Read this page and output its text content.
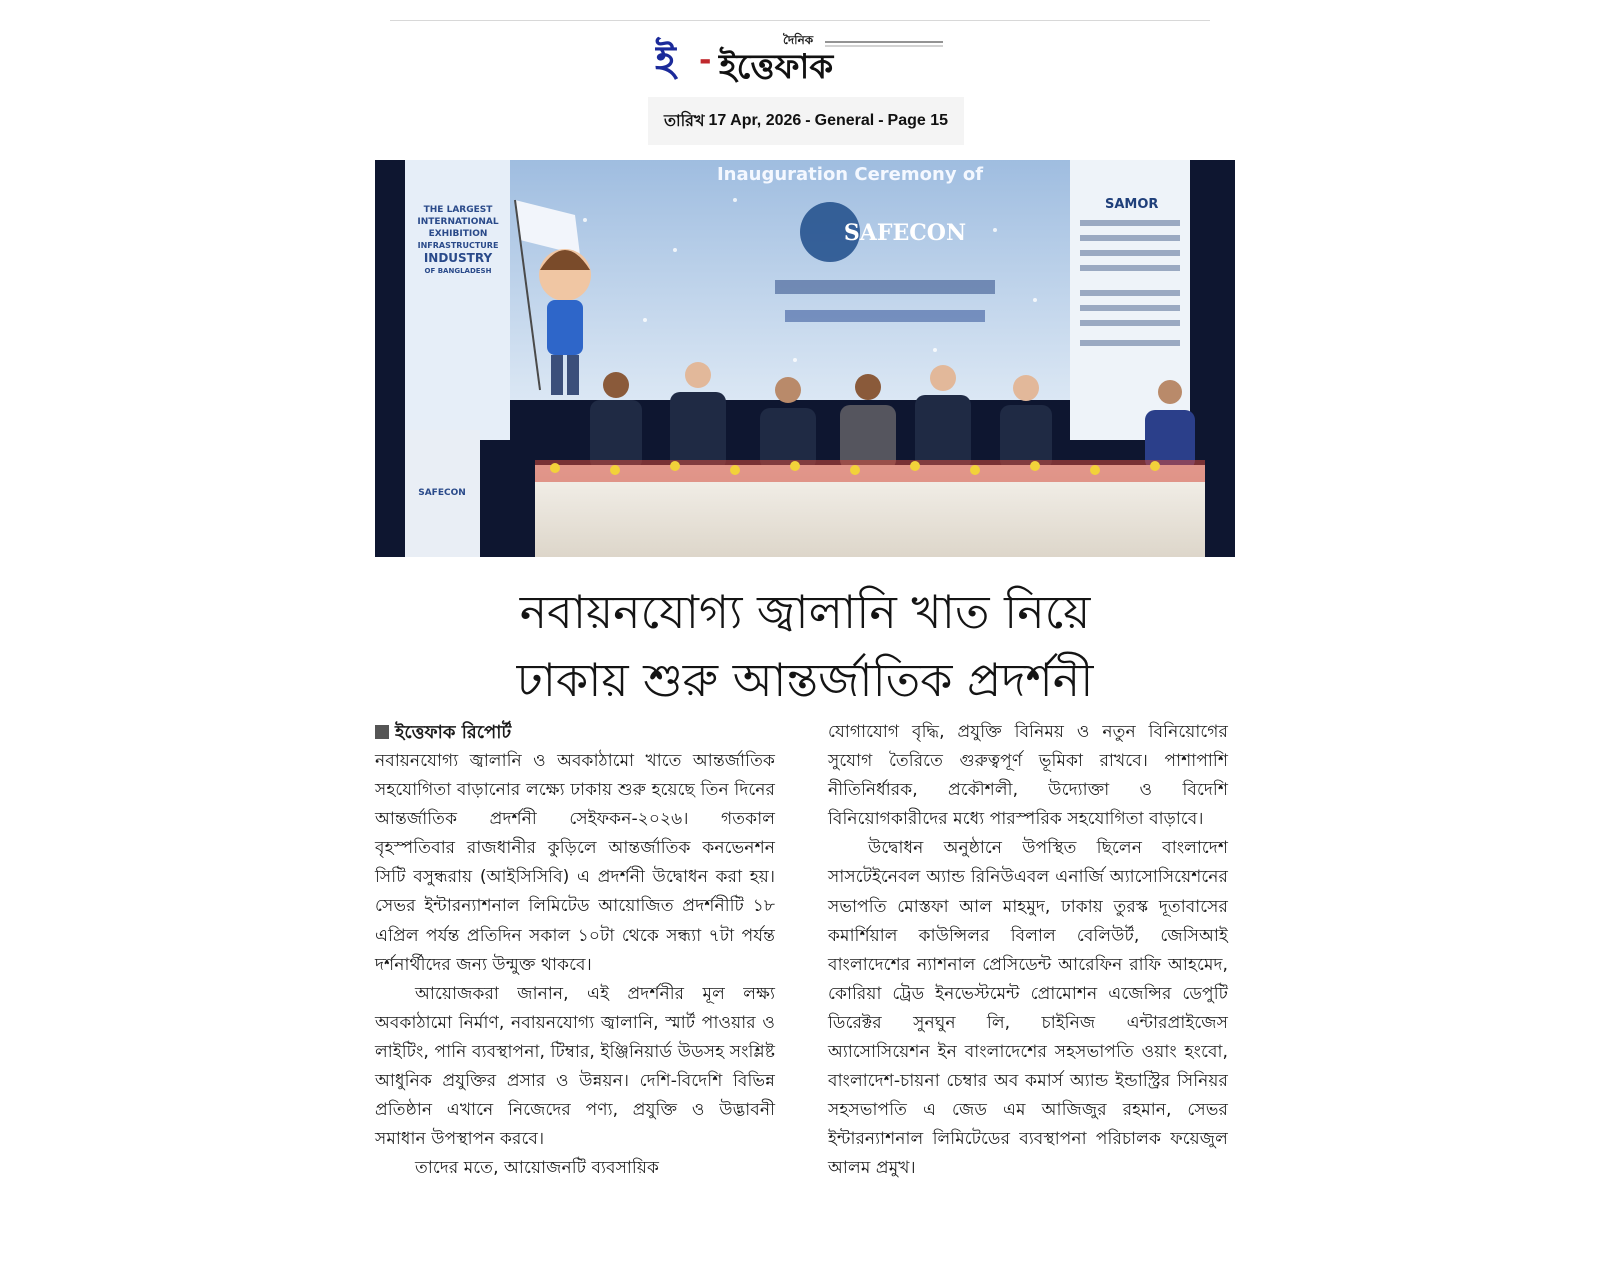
ই -
দৈনিক
ইত্তেফাক
তারিখ 17 Apr, 2026 - General - Page 15
THE LARGEST
INTERNATIONAL
EXHIBITION
INFRASTRUCTURE
INDUSTRY
OF BANGLADESH
Inauguration Ceremony of
SAFECON
SAMOR
SAFECON
নবায়নযোগ্য জ্বালানি খাত নিয়ে
ঢাকায় শুরু আন্তর্জাতিক প্রদর্শনী

ইত্তেফাক রিপোর্ট

নবায়নযোগ্য জ্বালানি ও অবকাঠামো খাতে আন্তর্জাতিক সহযোগিতা বাড়ানোর লক্ষ্যে ঢাকায় শুরু হয়েছে তিন দিনের আন্তর্জাতিক প্রদর্শনী সেইফকন-২০২৬। গতকাল বৃহস্পতিবার রাজধানীর কুড়িলে আন্তর্জাতিক কনভেনশন সিটি বসুন্ধরায় (আইসিসিবি) এ প্রদর্শনী উদ্বোধন করা হয়। সেভর ইন্টারন্যাশনাল লিমিটেড আয়োজিত প্রদর্শনীটি ১৮ এপ্রিল পর্যন্ত প্রতিদিন সকাল ১০টা থেকে সন্ধ্যা ৭টা পর্যন্ত দর্শনার্থীদের জন্য উন্মুক্ত থাকবে।

আয়োজকরা জানান, এই প্রদর্শনীর মূল লক্ষ্য অবকাঠামো নির্মাণ, নবায়নযোগ্য জ্বালানি, স্মার্ট পাওয়ার ও লাইটিং, পানি ব্যবস্থাপনা, টিম্বার, ইঞ্জিনিয়ার্ড উডসহ সংশ্লিষ্ট আধুনিক প্রযুক্তির প্রসার ও উন্নয়ন। দেশি-বিদেশি বিভিন্ন প্রতিষ্ঠান এখানে নিজেদের পণ্য, প্রযুক্তি ও উদ্ভাবনী সমাধান উপস্থাপন করবে।

তাদের মতে, আয়োজনটি ব্যবসায়িক

যোগাযোগ বৃদ্ধি, প্রযুক্তি বিনিময় ও নতুন বিনিয়োগের সুযোগ তৈরিতে গুরুত্বপূর্ণ ভূমিকা রাখবে। পাশাপাশি নীতিনির্ধারক, প্রকৌশলী, উদ্যোক্তা ও বিদেশি বিনিয়োগকারীদের মধ্যে পারস্পরিক সহযোগিতা বাড়াবে।

উদ্বোধন অনুষ্ঠানে উপস্থিত ছিলেন বাংলাদেশ সাসটেইনেবল অ্যান্ড রিনিউএবল এনার্জি অ্যাসোসিয়েশনের সভাপতি মোস্তফা আল মাহমুদ, ঢাকায় তুরস্ক দূতাবাসের কমার্শিয়াল কাউন্সিলর বিলাল বেলিউর্ট, জেসিআই বাংলাদেশের ন্যাশনাল প্রেসিডেন্ট আরেফিন রাফি আহমেদ, কোরিয়া ট্রেড ইনভেস্টমেন্ট প্রোমোশন এজেন্সির ডেপুটি ডিরেক্টর সুনঘুন লি, চাইনিজ এন্টারপ্রাইজেস অ্যাসোসিয়েশন ইন বাংলাদেশের সহসভাপতি ওয়াং হংবো, বাংলাদেশ-চায়না চেম্বার অব কমার্স অ্যান্ড ইন্ডাস্ট্রির সিনিয়র সহসভাপতি এ জেড এম আজিজুর রহমান, সেভর ইন্টারন্যাশনাল লিমিটেডের ব্যবস্থাপনা পরিচালক ফয়েজুল আলম প্রমুখ।
